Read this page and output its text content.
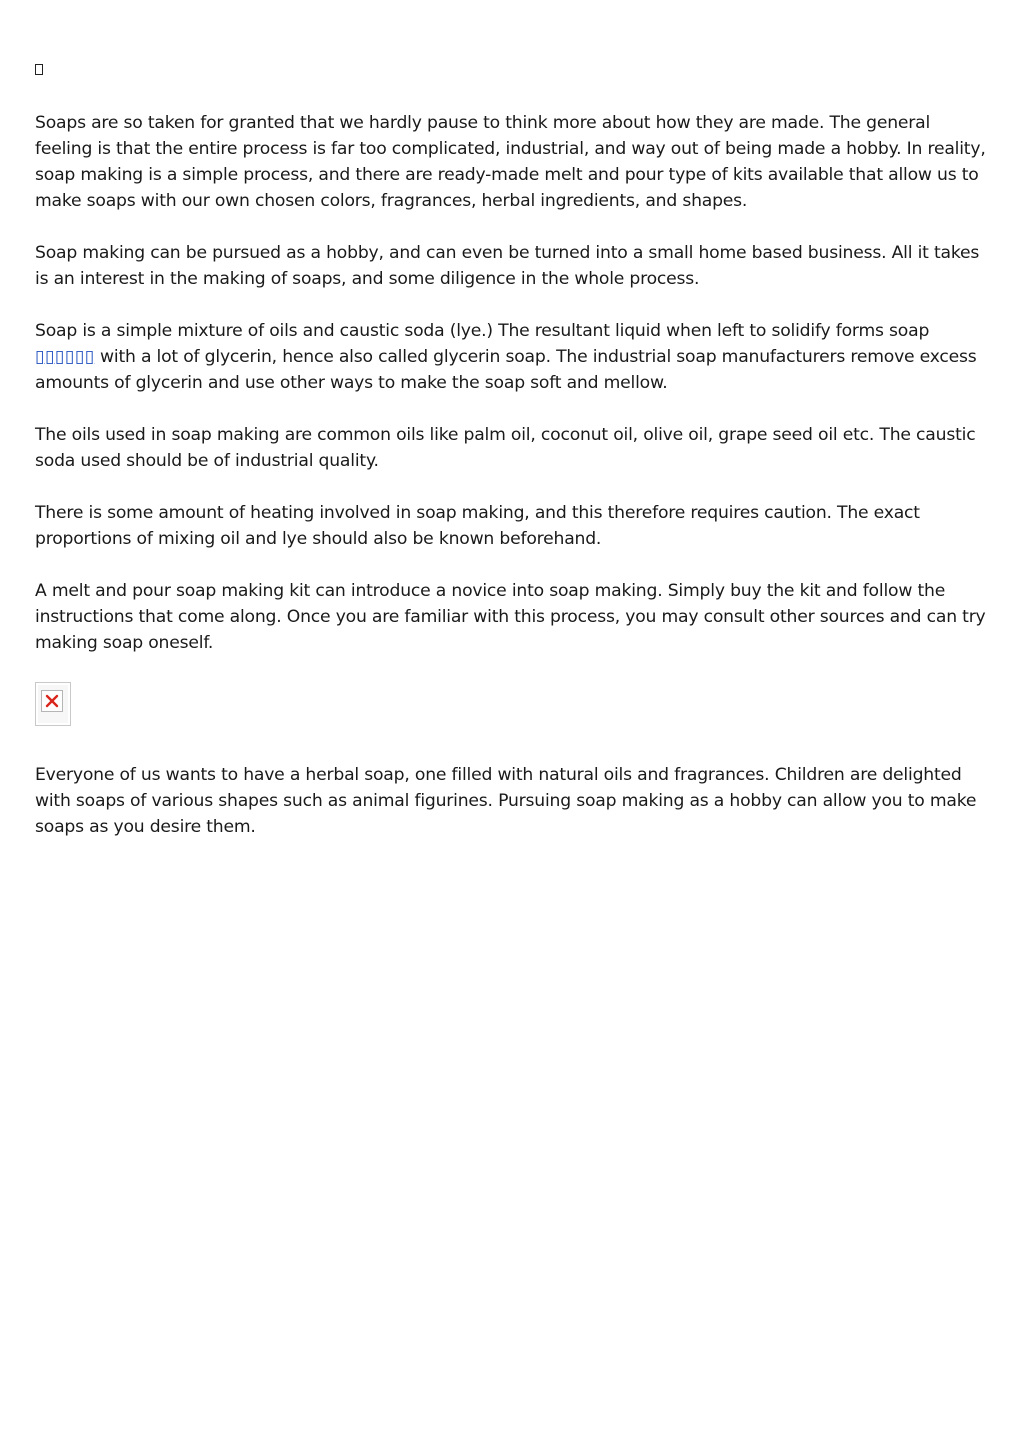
Soaps are so taken for granted that we hardly pause to think more about how they are made. The general feeling is that the entire process is far too complicated, industrial, and way out of being made a hobby. In reality, soap making is a simple process, and there are ready-made melt and pour type of kits available that allow us to make soaps with our own chosen colors, fragrances, herbal ingredients, and shapes.

Soap making can be pursued as a hobby, and can even be turned into a small home based business. All it takes is an interest in the making of soaps, and some diligence in the whole process.

Soap is a simple mixture of oils and caustic soda (lye.) The resultant liquid when left to solidify forms soap ▯▯▯▯▯▯ with a lot of glycerin, hence also called glycerin soap. The industrial soap manufacturers remove excess amounts of glycerin and use other ways to make the soap soft and mellow.

The oils used in soap making are common oils like palm oil, coconut oil, olive oil, grape seed oil etc. The caustic soda used should be of industrial quality.

There is some amount of heating involved in soap making, and this therefore requires caution. The exact proportions of mixing oil and lye should also be known beforehand.

A melt and pour soap making kit can introduce a novice into soap making. Simply buy the kit and follow the instructions that come along. Once you are familiar with this process, you may consult other sources and can try making soap oneself.

Everyone of us wants to have a herbal soap, one filled with natural oils and fragrances. Children are delighted with soaps of various shapes such as animal figurines. Pursuing soap making as a hobby can allow you to make soaps as you desire them.
